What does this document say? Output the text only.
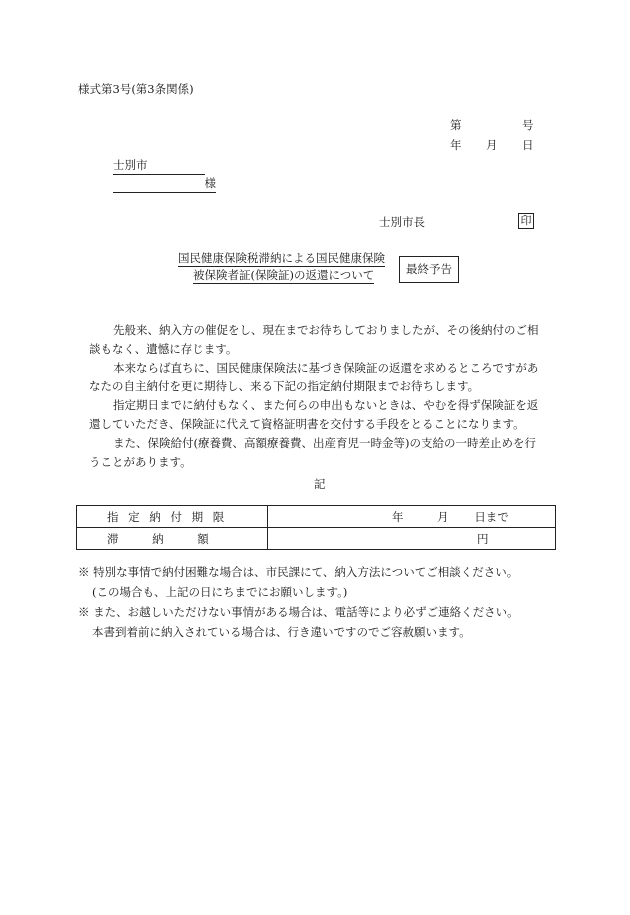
様式第3号(第3条関係)
第	号
年 月 日
士別市
様
士別市長	印
国民健康保険税滞納による国民健康保険
被保険者証(保険証)の返還について	最終予告

先般来、納入方の催促をし、現在までお待ちしておりましたが、その後納付のご相

談もなく、遺憾に存じます。

本来ならば直ちに、国民健康保険法に基づき保険証の返還を求めるところですがあ

なたの自主納付を更に期待し、来る下記の指定納付期限までお待ちします。

指定期日までに納付もなく、また何らの申出もないときは、やむを得ず保険証を返

還していただき、保険証に代えて資格証明書を交付する手段をとることになります。

また、保険給付(療養費、高額療養費、出産育児一時金等)の支給の一時差止めを行

うことがあります。

記
指 定 納 付 期 限	年 月 日まで

滞 納 額	円
※ 特別な事情で納付困難な場合は、市民課にて、納入方法についてご相談ください。
(この場合も、上記の日にちまでにお願いします。)
※ また、お越しいただけない事情がある場合は、電話等により必ずご連絡ください。
本書到着前に納入されている場合は、行き違いですのでご容赦願います。
